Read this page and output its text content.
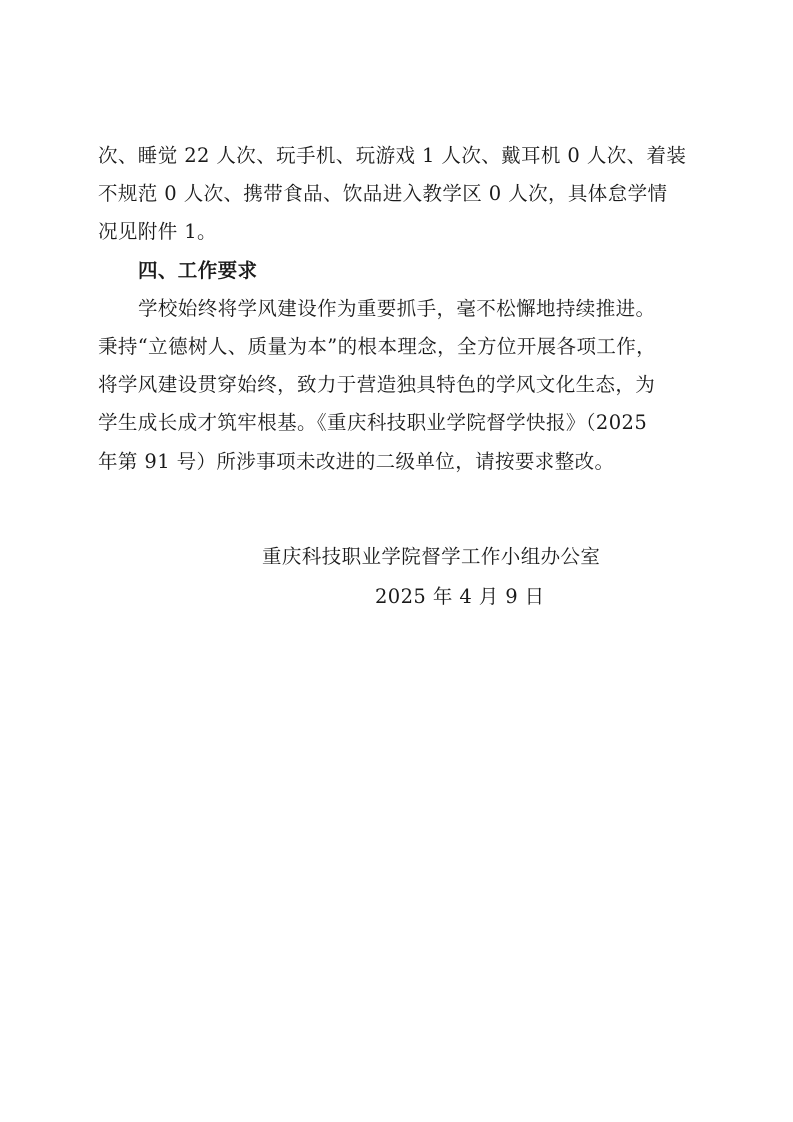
次、睡觉 22 人次、玩手机、玩游戏 1 人次、戴耳机 0 人次、着装
不规范 0 人次、携带食品、饮品进入教学区 0 人次，具体怠学情
况见附件 1。

四、工作要求

学校始终将学风建设作为重要抓手，毫不松懈地持续推进。
秉持“立德树人、质量为本”的根本理念，全方位开展各项工作，
将学风建设贯穿始终，致力于营造独具特色的学风文化生态，为
学生成长成才筑牢根基。《重庆科技职业学院督学快报》（2025
年第 91 号）所涉事项未改进的二级单位，请按要求整改。

重庆科技职业学院督学工作小组办公室
2025 年 4 月 9 日
